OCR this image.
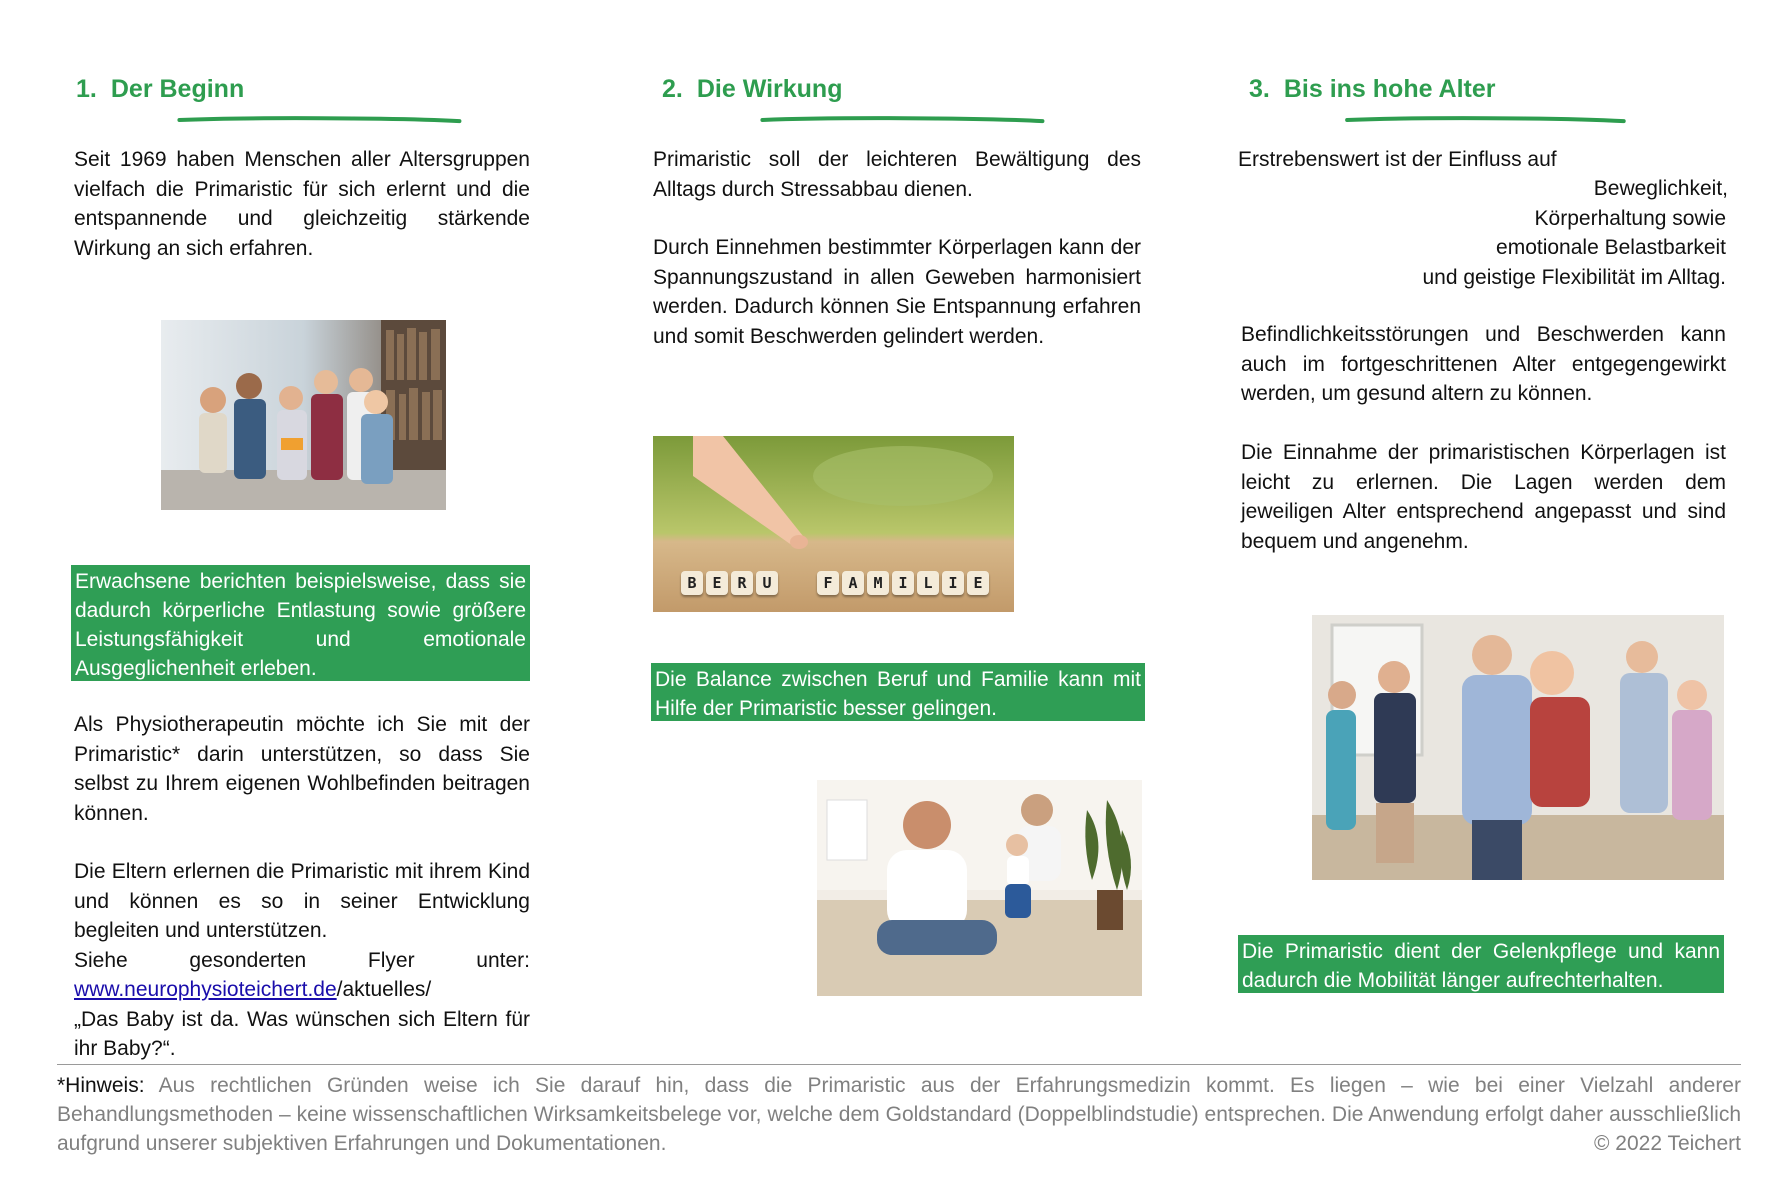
1. Der Beginn
Seit 1969 haben Menschen aller Altersgruppen vielfach die Primaristic für sich erlernt und die entspannende und gleichzeitig stärkende Wirkung an sich erfahren.
Erwachsene berichten beispielsweise, dass sie dadurch körperliche Entlastung sowie größere Leistungsfähigkeit und emotionale Ausgeglichenheit erleben.
Als Physiotherapeutin möchte ich Sie mit der Primaristic* darin unterstützen, so dass Sie selbst zu Ihrem eigenen Wohlbefinden beitragen können.
Die Eltern erlernen die Primaristic mit ihrem Kind und können es so in seiner Entwicklung begleiten und unterstützen.

Siehe gesonderten Flyer unter:
www.neurophysioteichert.de/aktuelles/
„Das Baby ist da. Was wünschen sich Eltern für ihr Baby?“.
2. Die Wirkung
Primaristic soll der leichteren Bewältigung des Alltags durch Stressabbau dienen.
Durch Einnehmen bestimmter Körperlagen kann der Spannungszustand in allen Geweben harmonisiert werden. Dadurch können Sie Entspannung erfahren und somit Beschwerden gelindert werden.
B	E	R	U	F	A	M	I	L	I	E
Die Balance zwischen Beruf und Familie kann mit Hilfe der Primaristic besser gelingen.
3. Bis ins hohe Alter
Erstrebenswert ist der Einfluss auf
Beweglichkeit,
Körperhaltung sowie
emotionale Belastbarkeit
und geistige Flexibilität im Alltag.
Befindlichkeitsstörungen und Beschwerden kann auch im fortgeschrittenen Alter entgegengewirkt werden, um gesund altern zu können.
Die Einnahme der primaristischen Körperlagen ist leicht zu erlernen. Die Lagen werden dem jeweiligen Alter entsprechend angepasst und sind bequem und angenehm.
Die Primaristic dient der Gelenkpflege und kann dadurch die Mobilität länger aufrechterhalten.
*Hinweis: Aus rechtlichen Gründen weise ich Sie darauf hin, dass die Primaristic aus der Erfahrungsmedizin kommt. Es liegen – wie bei einer Vielzahl anderer Behandlungsmethoden – keine wissenschaftlichen Wirksamkeitsbelege vor, welche dem Goldstandard (Doppelblindstudie) entsprechen. Die Anwendung erfolgt daher ausschließlich aufgrund unserer subjektiven Erfahrungen und Dokumentationen.	© 2022 Teichert
